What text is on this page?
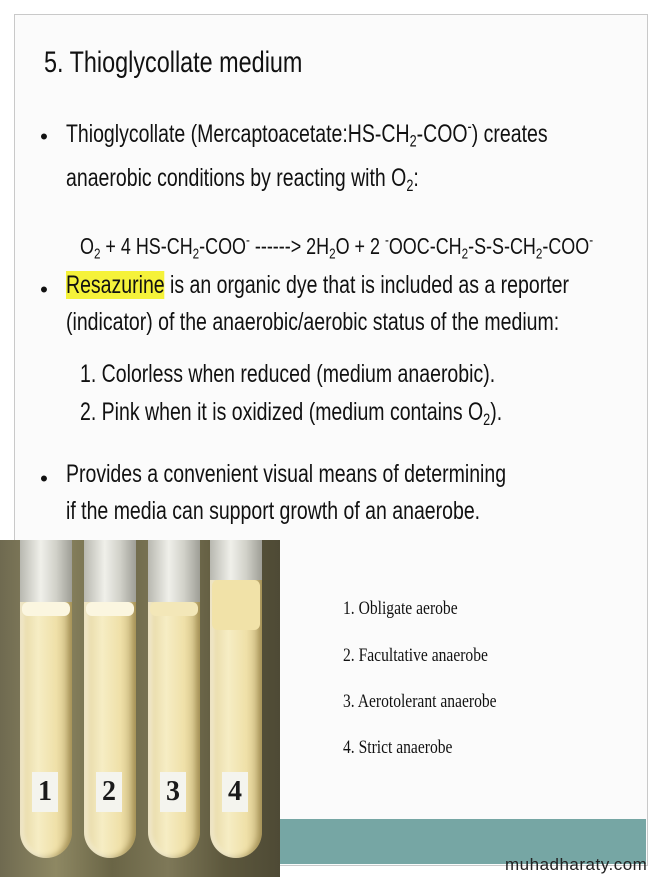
5. Thioglycollate medium
• Thioglycollate $(Mercaptoacetate:HS-CH_2-COO^-)$ creates
anaerobic conditions by reacting with $O_2$:
$O_2 + 4$ $HS-CH_2-COO^-$ ------> $2H_2O + 2$ $^-OOC-CH_2-S-S-CH_2-COO^-$
• Resazurine is an organic dye that is included as a reporter
(indicator) of the anaerobic/aerobic status of the medium:
1. Colorless when reduced (medium anaerobic).
2. Pink when it is oxidized (medium contains $O_2$).
• Provides a convenient visual means of determining
if the media can support growth of an anaerobe.
1 2 3 4
1. Obligate aerobe
2. Facultative anaerobe
3. Aerotolerant anaerobe
4. Strict anaerobe
muhadharaty.com
